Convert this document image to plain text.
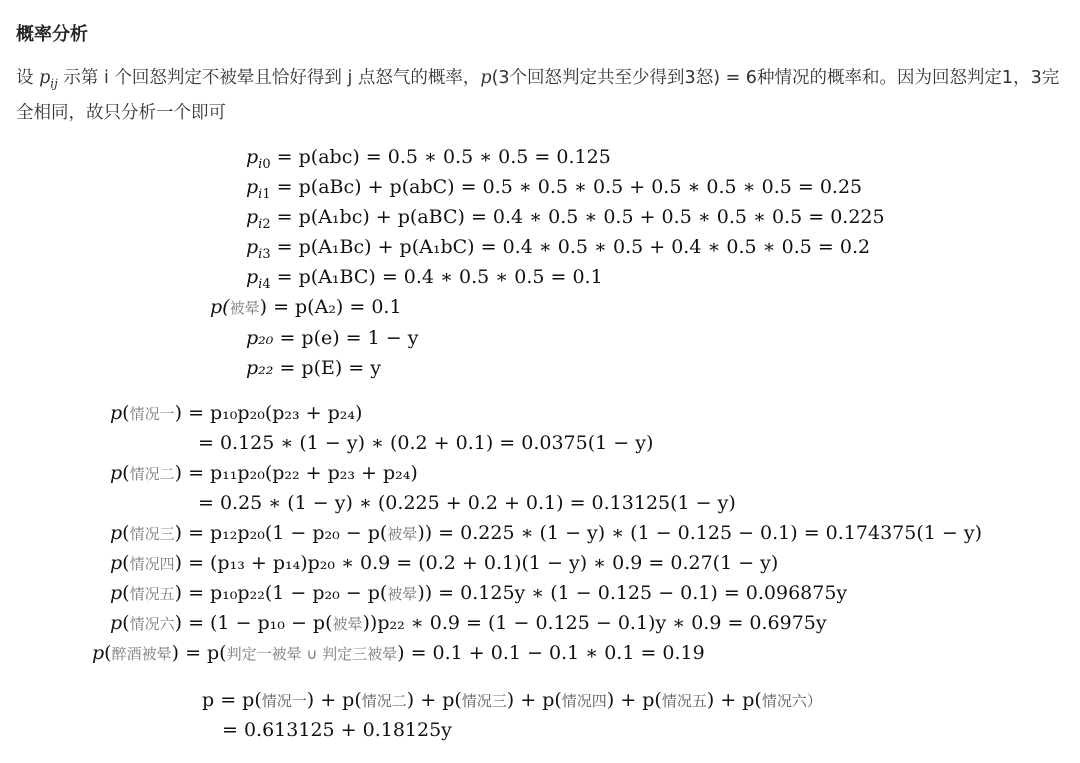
概率分析
设 $p_{ij}$ 示第 i 个回怒判定不被晕且恰好得到 j 点怒气的概率，p(3个回怒判定共至少得到3怒) = 6种情况的概率和。因为回怒判定1，3完全相同，故只分析一个即可
$p_{i0} = p(abc) = 0.5$ ∗ 0.5 ∗ 0.5 = 0.125
$p_{i1} = p(aBc) + p(abC) = 0.5$ ∗ 0.5 ∗ 0.5 + 0.5 ∗ 0.5 ∗ 0.5 = 0.25
$p_{i2} = p(A_1bc) + p(aBC) = 0.4$ ∗ 0.5 ∗ 0.5 + 0.5 ∗ 0.5 ∗ 0.5 = 0.225
$p_{i3} = p(A_1Bc) + p(A_1bC) = 0.4$ ∗ 0.5 ∗ 0.5 + 0.4 ∗ 0.5 ∗ 0.5 = 0.2
$p_{i4} = p(A_1BC) = 0.4$ ∗ 0.5 ∗ 0.5 = 0.1
p(被晕) = p(A₂) = 0.1
p₂₀ = p(e) = 1 − y
p₂₂ = p(E) = y
p(情况一) = p₁₀p₂₀(p₂₃ + p₂₄)
= 0.125 ∗ (1 − y) ∗ (0.2 + 0.1) = 0.0375(1 − y)
p(情况二) = p₁₁p₂₀(p₂₂ + p₂₃ + p₂₄)
= 0.25 ∗ (1 − y) ∗ (0.225 + 0.2 + 0.1) = 0.13125(1 − y)
p(情况三) = p₁₂p₂₀(1 − p₂₀ − p(被晕)) = 0.225 ∗ (1 − y) ∗ (1 − 0.125 − 0.1) = 0.174375(1 − y)
p(情况四) = (p₁₃ + p₁₄)p₂₀ ∗ 0.9 = (0.2 + 0.1)(1 − y) ∗ 0.9 = 0.27(1 − y)
p(情况五) = p₁₀p₂₂(1 − p₂₀ − p(被晕)) = 0.125y ∗ (1 − 0.125 − 0.1) = 0.096875y
p(情况六) = (1 − p₁₀ − p(被晕))p₂₂ ∗ 0.9 = (1 − 0.125 − 0.1)y ∗ 0.9 = 0.6975y
p(醉酒被晕) = p(判定一被晕 ∪ 判定三被晕) = 0.1 + 0.1 − 0.1 ∗ 0.1 = 0.19
p = p(情况一) + p(情况二) + p(情况三) + p(情况四) + p(情况五) + p(情况六）
= 0.613125 + 0.18125y
